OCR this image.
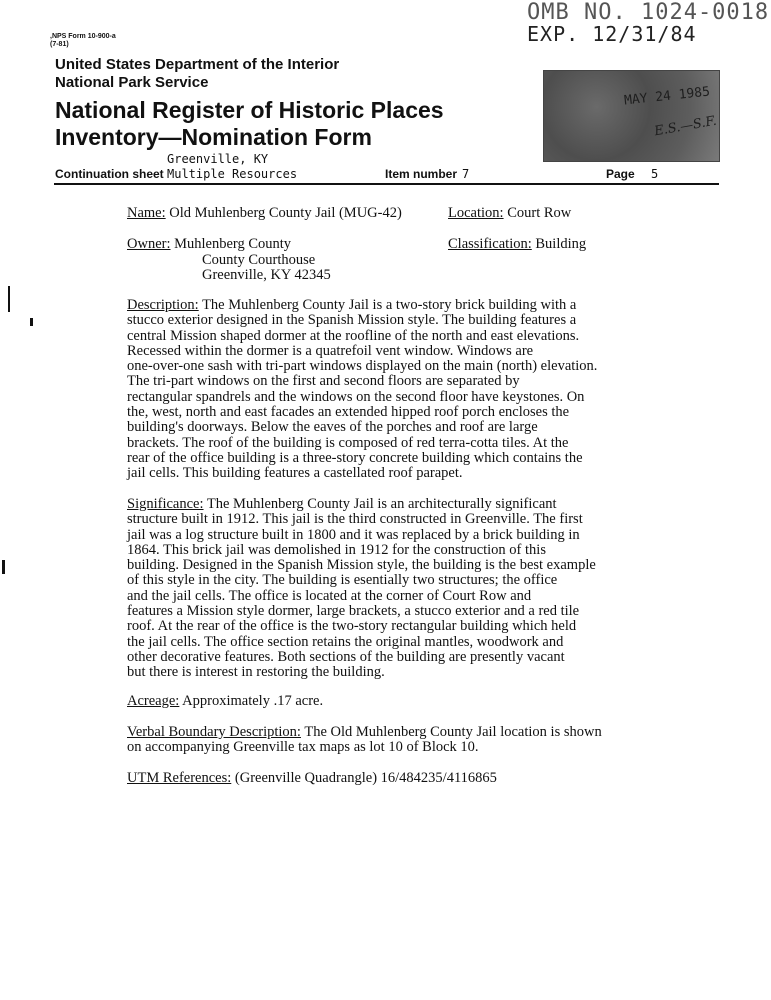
,NPS Form 10-900-a
(7-81)
OMB NO. 1024-0018
EXP. 12/31/84
United States Department of the Interior
National Park Service
National Register of Historic Places
Inventory—Nomination Form
MAY 24 1985
E.S.—S.F.
Greenville, KY
Continuation sheet Multiple Resources	Item number 7	Page 5
Name: Old Muhlenberg County Jail (MUG-42)	Location: Court Row
Owner: Muhlenberg County
County Courthouse
Greenville, KY 42345
Classification: Building
Description: The Muhlenberg County Jail is a two-story brick building with a
stucco exterior designed in the Spanish Mission style. The building features a
central Mission shaped dormer at the roofline of the north and east elevations.
Recessed within the dormer is a quatrefoil vent window. Windows are
one-over-one sash with tri-part windows displayed on the main (north) elevation.
The tri-part windows on the first and second floors are separated by
rectangular spandrels and the windows on the second floor have keystones. On
the, west, north and east facades an extended hipped roof porch encloses the
building's doorways. Below the eaves of the porches and roof are large
brackets. The roof of the building is composed of red terra-cotta tiles. At the
rear of the office building is a three-story concrete building which contains the
jail cells. This building features a castellated roof parapet.
Significance: The Muhlenberg County Jail is an architecturally significant
structure built in 1912. This jail is the third constructed in Greenville. The first
jail was a log structure built in 1800 and it was replaced by a brick building in
1864. This brick jail was demolished in 1912 for the construction of this
building. Designed in the Spanish Mission style, the building is the best example
of this style in the city. The building is esentially two structures; the office
and the jail cells. The office is located at the corner of Court Row and
features a Mission style dormer, large brackets, a stucco exterior and a red tile
roof. At the rear of the office is the two-story rectangular building which held
the jail cells. The office section retains the original mantles, woodwork and
other decorative features. Both sections of the building are presently vacant
but there is interest in restoring the building.
Acreage: Approximately .17 acre.
Verbal Boundary Description: The Old Muhlenberg County Jail location is shown
on accompanying Greenville tax maps as lot 10 of Block 10.
UTM References: (Greenville Quadrangle) 16/484235/4116865
